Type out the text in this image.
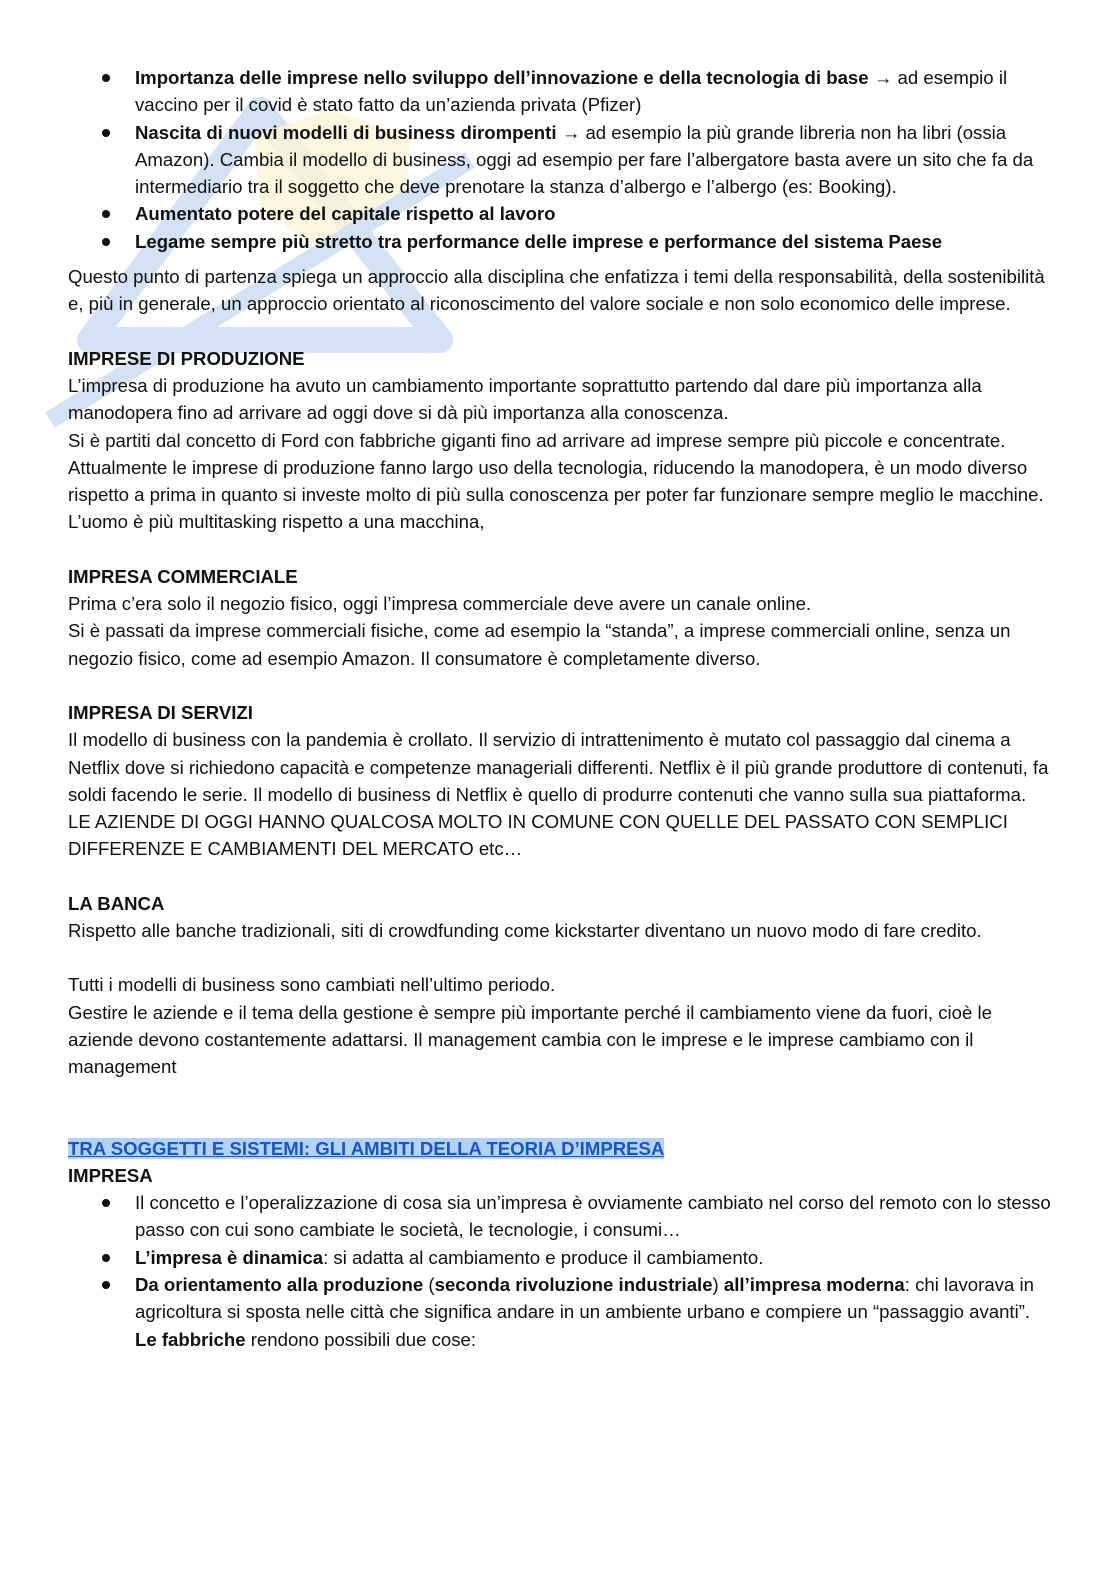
Importanza delle imprese nello sviluppo dell’innovazione e della tecnologia di base → ad esempio il vaccino per il covid è stato fatto da un’azienda privata (Pfizer)
Nascita di nuovi modelli di business dirompenti → ad esempio la più grande libreria non ha libri (ossia Amazon). Cambia il modello di business, oggi ad esempio per fare l’albergatore basta avere un sito che fa da intermediario tra il soggetto che deve prenotare la stanza d’albergo e l’albergo (es: Booking).
Aumentato potere del capitale rispetto al lavoro
Legame sempre più stretto tra performance delle imprese e performance del sistema Paese

Questo punto di partenza spiega un approccio alla disciplina che enfatizza i temi della responsabilità, della sostenibilità e, più in generale, un approccio orientato al riconoscimento del valore sociale e non solo economico delle imprese.

IMPRESE DI PRODUZIONE

L’impresa di produzione ha avuto un cambiamento importante soprattutto partendo dal dare più importanza alla manodopera fino ad arrivare ad oggi dove si dà più importanza alla conoscenza.

Si è partiti dal concetto di Ford con fabbriche giganti fino ad arrivare ad imprese sempre più piccole e concentrate.

Attualmente le imprese di produzione fanno largo uso della tecnologia, riducendo la manodopera, è un modo diverso rispetto a prima in quanto si investe molto di più sulla conoscenza per poter far funzionare sempre meglio le macchine. L’uomo è più multitasking rispetto a una macchina,

IMPRESA COMMERCIALE

Prima c’era solo il negozio fisico, oggi l’impresa commerciale deve avere un canale online.

Si è passati da imprese commerciali fisiche, come ad esempio la “standa”, a imprese commerciali online, senza un negozio fisico, come ad esempio Amazon. Il consumatore è completamente diverso.

IMPRESA DI SERVIZI

Il modello di business con la pandemia è crollato. Il servizio di intrattenimento è mutato col passaggio dal cinema a Netflix dove si richiedono capacità e competenze manageriali differenti. Netflix è il più grande produttore di contenuti, fa soldi facendo le serie. Il modello di business di Netflix è quello di produrre contenuti che vanno sulla sua piattaforma.

LE AZIENDE DI OGGI HANNO QUALCOSA MOLTO IN COMUNE CON QUELLE DEL PASSATO CON SEMPLICI DIFFERENZE E CAMBIAMENTI DEL MERCATO etc…

LA BANCA

Rispetto alle banche tradizionali, siti di crowdfunding come kickstarter diventano un nuovo modo di fare credito.

Tutti i modelli di business sono cambiati nell’ultimo periodo.

Gestire le aziende e il tema della gestione è sempre più importante perché il cambiamento viene da fuori, cioè le aziende devono costantemente adattarsi. Il management cambia con le imprese e le imprese cambiamo con il management

TRA SOGGETTI E SISTEMI: GLI AMBITI DELLA TEORIA D’IMPRESA

IMPRESA

Il concetto e l’operalizzazione di cosa sia un’impresa è ovviamente cambiato nel corso del remoto con lo stesso passo con cui sono cambiate le società, le tecnologie, i consumi…
L’impresa è dinamica: si adatta al cambiamento e produce il cambiamento.
Da orientamento alla produzione (seconda rivoluzione industriale) all’impresa moderna: chi lavorava in agricoltura si sposta nelle città che significa andare in un ambiente urbano e compiere un “passaggio avanti”. Le fabbriche rendono possibili due cose:
